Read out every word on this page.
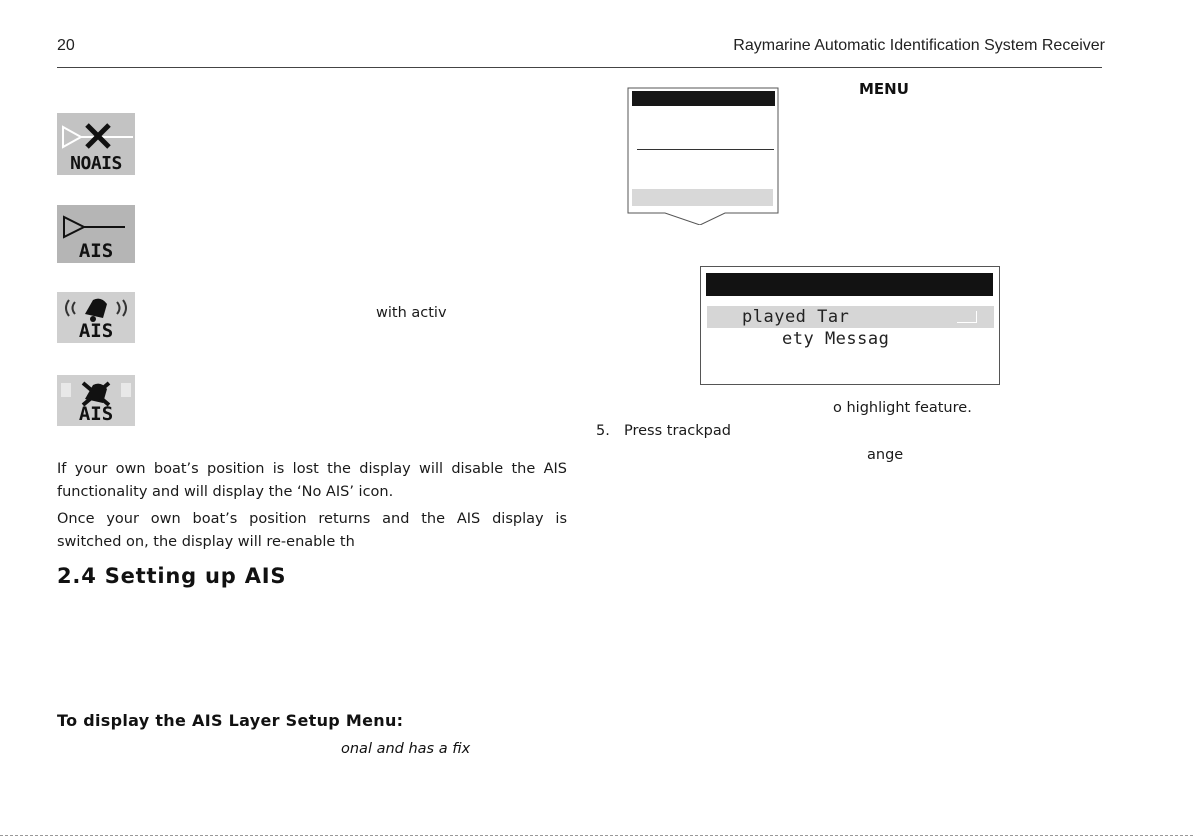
20	Raymarine Automatic Identification System Receiver
NOAIS
AIS
AIS
with activ
AIS
If your own boat’s position is lost the display will disable the AIS
functionality and will display the ‘No AIS’ icon.
Once your own boat’s position returns and the AIS display is
switched on, the display will re-enable th
2.4 Setting up AIS
To display the AIS Layer Setup Menu:
onal and has a fix
MENU
played Tar
ety Messag
o highlight feature.
5. Press trackpad
ange
